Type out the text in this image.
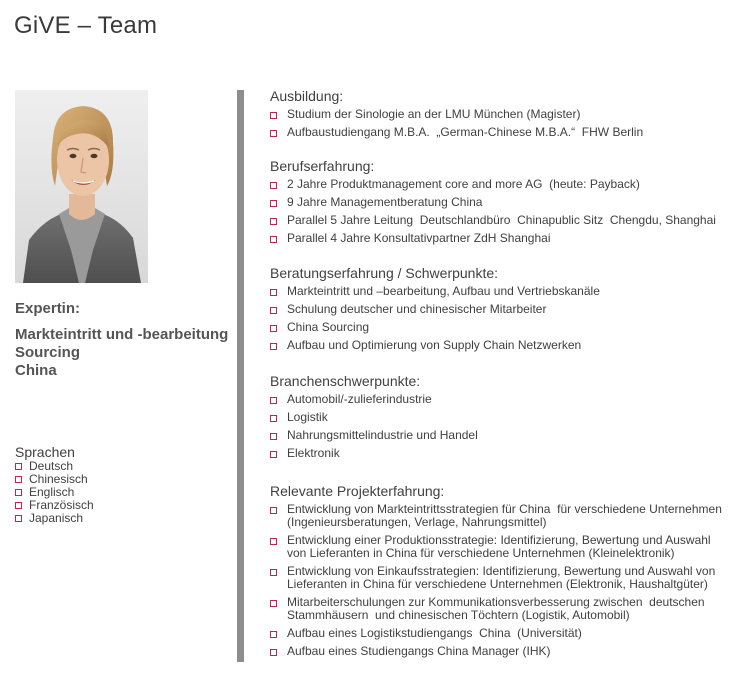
GiVE – Team
Expertin:
Markteintritt und -bearbeitung
Sourcing
China
Sprachen
Deutsch
Chinesisch
Englisch
Französisch
Japanisch
Ausbildung:
Studium der Sinologie an der LMU München (Magister)
Aufbaustudiengang M.B.A.  „German-Chinese M.B.A.“  FHW Berlin
Berufserfahrung:
2 Jahre Produktmanagement core and more AG  (heute: Payback)
9 Jahre Managementberatung China
Parallel 5 Jahre Leitung  Deutschlandbüro  Chinapublic Sitz  Chengdu, Shanghai
Parallel 4 Jahre Konsultativpartner ZdH Shanghai
Beratungserfahrung / Schwerpunkte:
Markteintritt und –bearbeitung, Aufbau und Vertriebskanäle
Schulung deutscher und chinesischer Mitarbeiter
China Sourcing
Aufbau und Optimierung von Supply Chain Netzwerken
Branchenschwerpunkte:
Automobil/-zulieferindustrie
Logistik
Nahrungsmittelindustrie und Handel
Elektronik
Relevante Projekterfahrung:
Entwicklung von Markteintrittsstrategien für China  für verschiedene Unternehmen
(Ingenieursberatungen, Verlage, Nahrungsmittel)
Entwicklung einer Produktionsstrategie: Identifizierung, Bewertung und Auswahl
von Lieferanten in China für verschiedene Unternehmen (Kleinelektronik)
Entwicklung von Einkaufsstrategien: Identifizierung, Bewertung und Auswahl von
Lieferanten in China für verschiedene Unternehmen (Elektronik, Haushaltgüter)
Mitarbeiterschulungen zur Kommunikationsverbesserung zwischen  deutschen
Stammhäusern  und chinesischen Töchtern (Logistik, Automobil)
Aufbau eines Logistikstudiengangs  China  (Universität)
Aufbau eines Studiengangs China Manager (IHK)
